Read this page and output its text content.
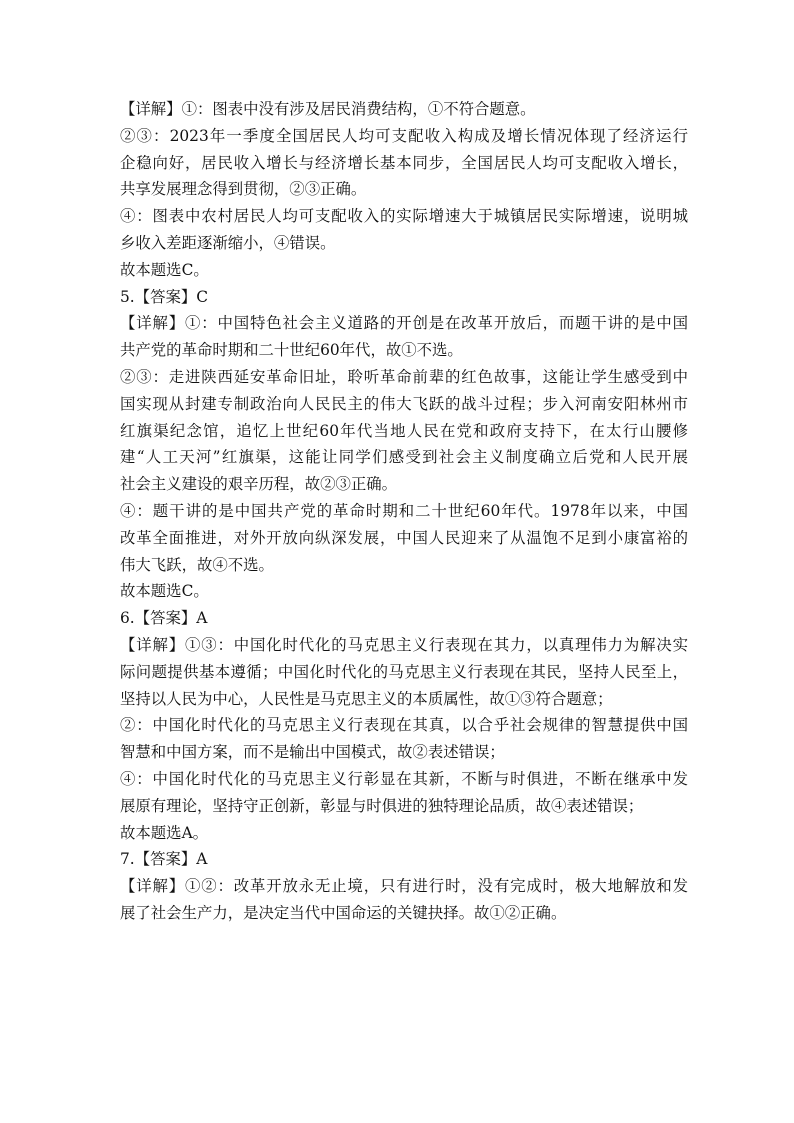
【详解】①：图表中没有涉及居民消费结构，①不符合题意。
②③：2023年一季度全国居民人均可支配收入构成及增长情况体现了经济运行
企稳向好，居民收入增长与经济增长基本同步，全国居民人均可支配收入增长，
共享发展理念得到贯彻，②③正确。
④：图表中农村居民人均可支配收入的实际增速大于城镇居民实际增速，说明城
乡收入差距逐渐缩小，④错误。
故本题选C。
5.【答案】C
【详解】①：中国特色社会主义道路的开创是在改革开放后，而题干讲的是中国
共产党的革命时期和二十世纪60年代，故①不选。
②③：走进陕西延安革命旧址，聆听革命前辈的红色故事，这能让学生感受到中
国实现从封建专制政治向人民民主的伟大飞跃的战斗过程；步入河南安阳林州市
红旗渠纪念馆，追忆上世纪60年代当地人民在党和政府支持下，在太行山腰修
建“人工天河”红旗渠，这能让同学们感受到社会主义制度确立后党和人民开展
社会主义建设的艰辛历程，故②③正确。
④：题干讲的是中国共产党的革命时期和二十世纪60年代。1978年以来，中国
改革全面推进，对外开放向纵深发展，中国人民迎来了从温饱不足到小康富裕的
伟大飞跃，故④不选。
故本题选C。
6.【答案】A
【详解】①③：中国化时代化的马克思主义行表现在其力，以真理伟力为解决实
际问题提供基本遵循；中国化时代化的马克思主义行表现在其民，坚持人民至上，
坚持以人民为中心，人民性是马克思主义的本质属性，故①③符合题意；
②：中国化时代化的马克思主义行表现在其真，以合乎社会规律的智慧提供中国
智慧和中国方案，而不是输出中国模式，故②表述错误；
④：中国化时代化的马克思主义行彰显在其新，不断与时俱进，不断在继承中发
展原有理论，坚持守正创新，彰显与时俱进的独特理论品质，故④表述错误；
故本题选A。
7.【答案】A
【详解】①②：改革开放永无止境，只有进行时，没有完成时，极大地解放和发
展了社会生产力，是决定当代中国命运的关键抉择。故①②正确。
